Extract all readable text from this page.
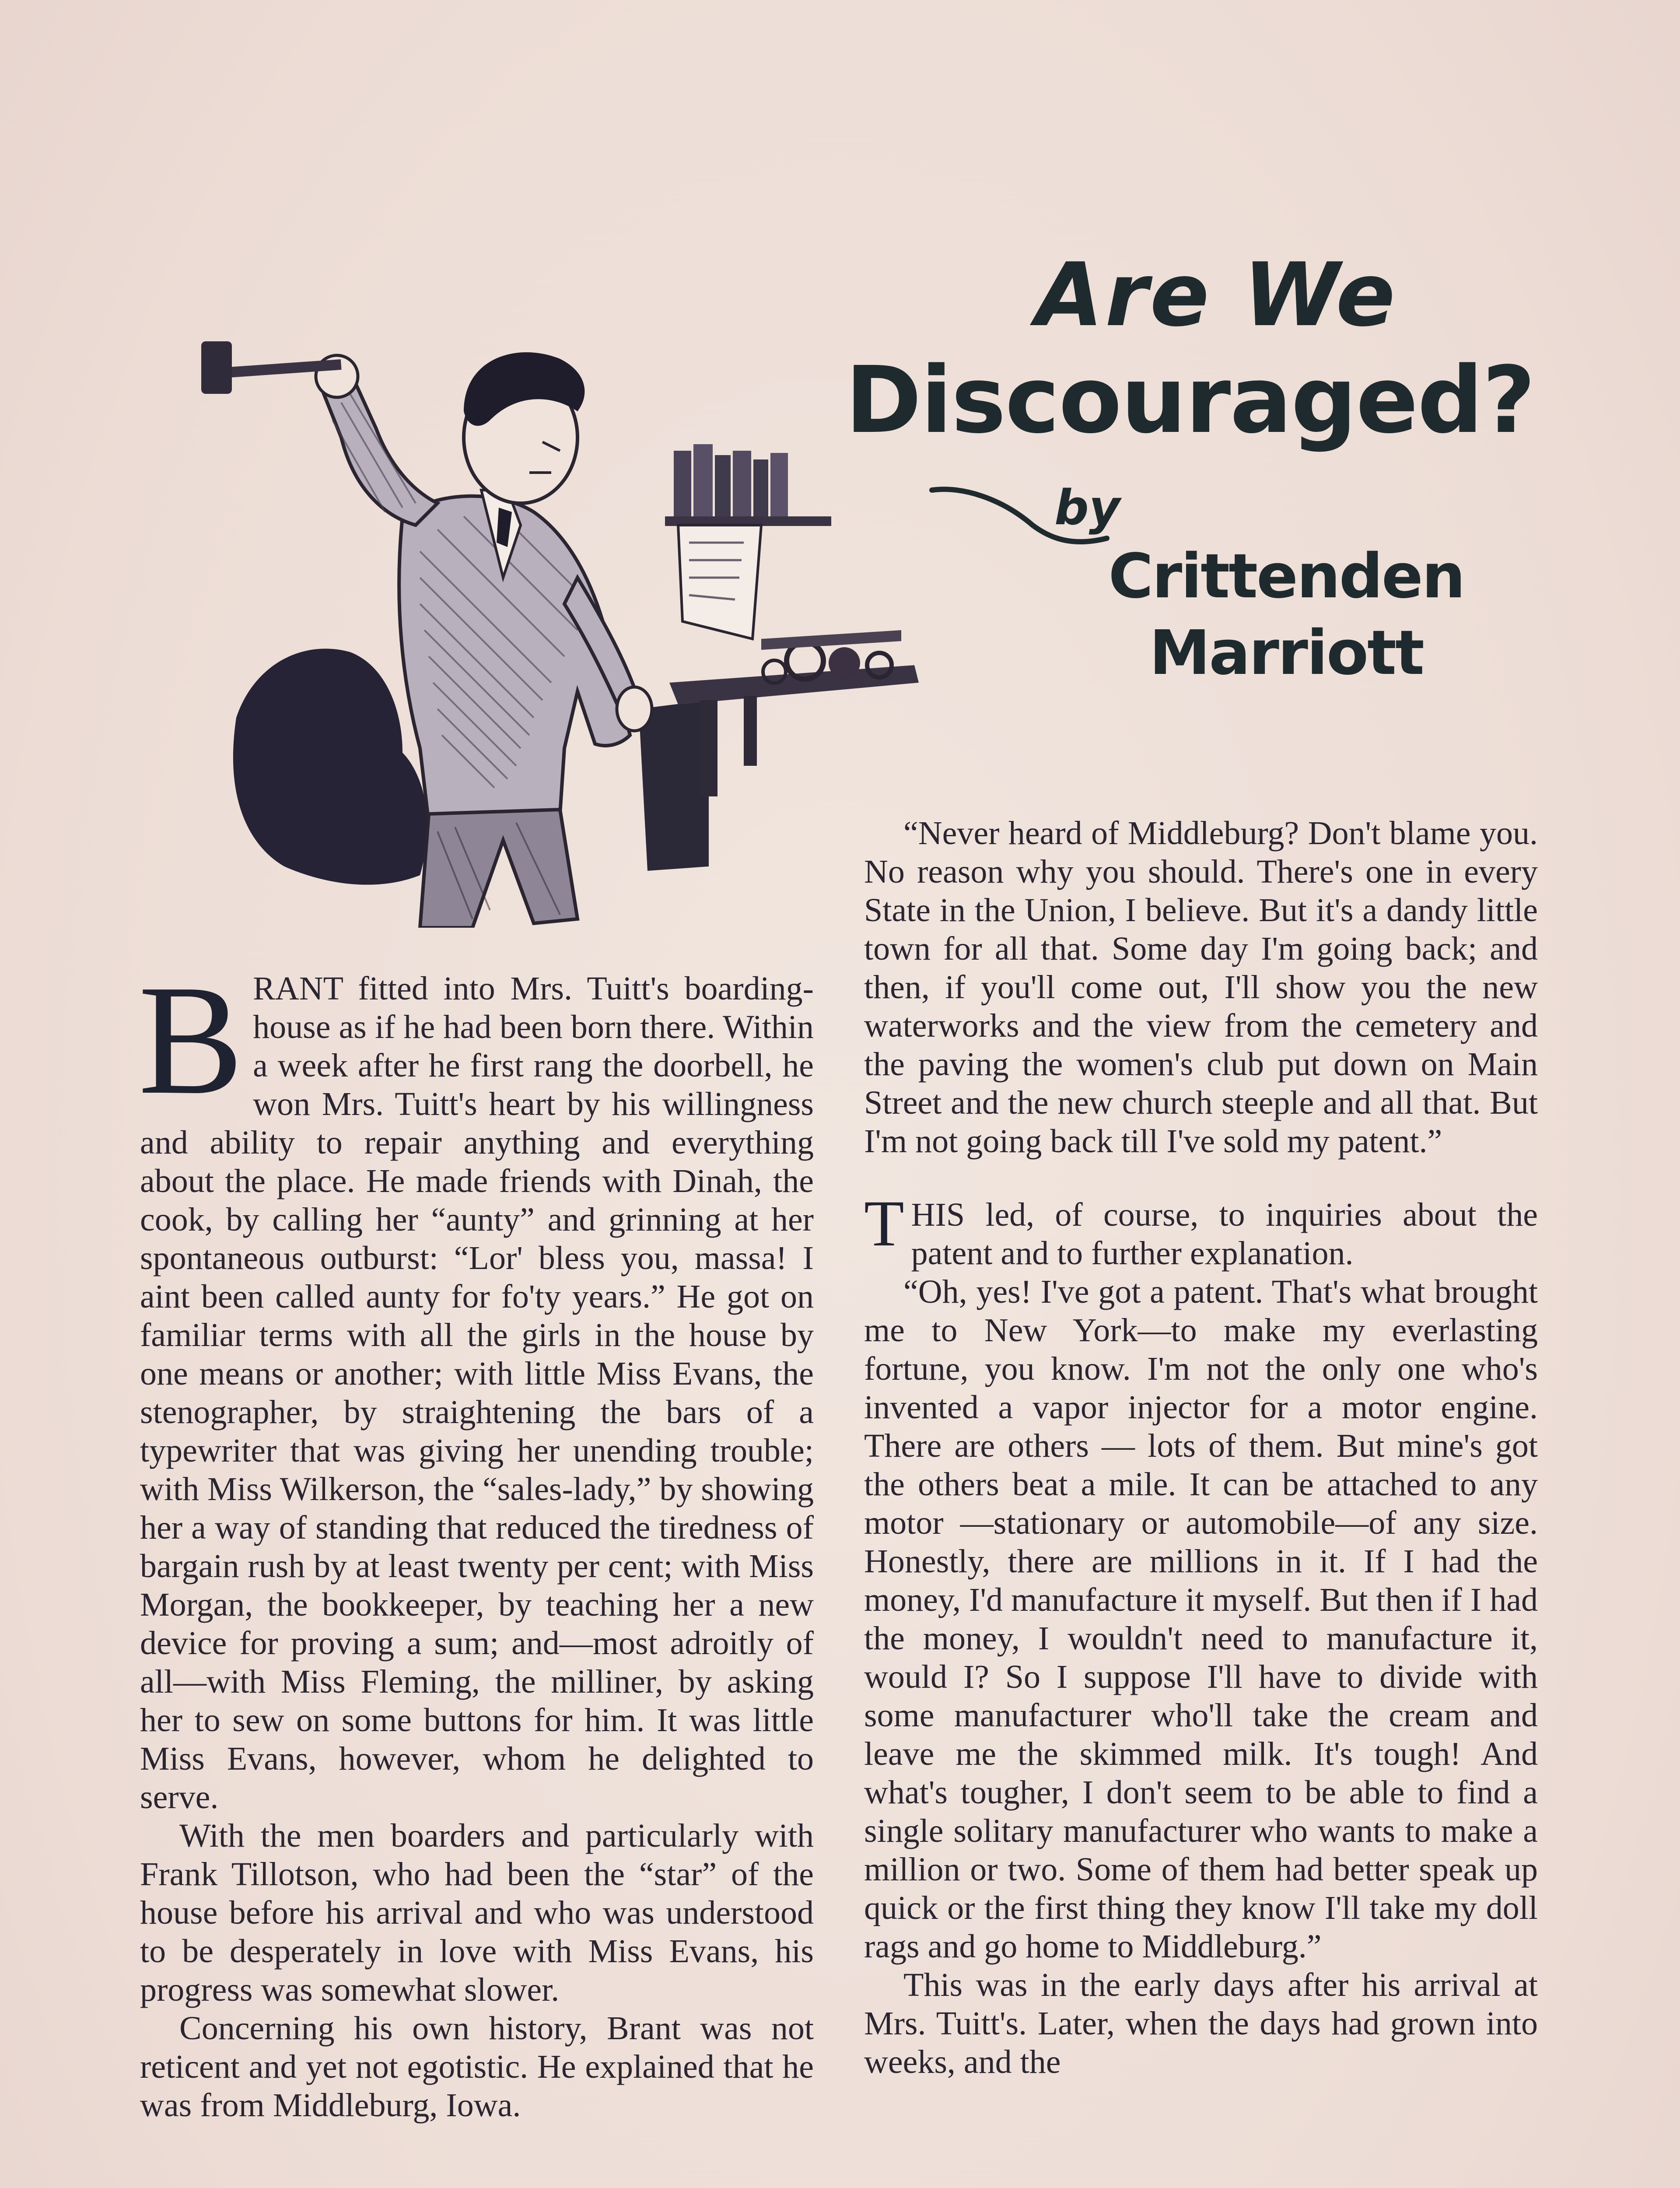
Are We
Discouraged?
by
Crittenden
Marriott

BRANT fitted into Mrs. Tuitt's boarding-house as if he had been born there. Within a week after he first rang the doorbell, he won Mrs. Tuitt's heart by his willingness and ability to repair anything and everything about the place. He made friends with Dinah, the cook, by calling her “aunty” and grinning at her spontaneous outburst: “Lor' bless you, massa! I aint been called aunty for fo'ty years.” He got on familiar terms with all the girls in the house by one means or another; with little Miss Evans, the stenographer, by straightening the bars of a typewriter that was giving her unending trouble; with Miss Wilkerson, the “sales-lady,” by showing her a way of standing that reduced the tiredness of bargain rush by at least twenty per cent; with Miss Morgan, the bookkeeper, by teaching her a new device for proving a sum; and—most adroitly of all—with Miss Fleming, the milliner, by asking her to sew on some buttons for him. It was little Miss Evans, however, whom he delighted to serve.

With the men boarders and particularly with Frank Tillotson, who had been the “star” of the house before his arrival and who was understood to be desperately in love with Miss Evans, his progress was somewhat slower.

Concerning his own history, Brant was not reticent and yet not egotistic. He explained that he was from Middleburg, Iowa.

“Never heard of Middleburg? Don't blame you. No reason why you should. There's one in every State in the Union, I believe. But it's a dandy little town for all that. Some day I'm going back; and then, if you'll come out, I'll show you the new waterworks and the view from the cemetery and the paving the women's club put down on Main Street and the new church steeple and all that. But I'm not going back till I've sold my patent.”

THIS led, of course, to inquiries about the patent and to further explanation.

“Oh, yes! I've got a patent. That's what brought me to New York—to make my everlasting fortune, you know. I'm not the only one who's invented a vapor injector for a motor engine. There are others — lots of them. But mine's got the others beat a mile. It can be attached to any motor —stationary or automobile—of any size. Honestly, there are millions in it. If I had the money, I'd manufacture it myself. But then if I had the money, I wouldn't need to manufacture it, would I? So I suppose I'll have to divide with some manufacturer who'll take the cream and leave me the skimmed milk. It's tough! And what's tougher, I don't seem to be able to find a single solitary manufacturer who wants to make a million or two. Some of them had better speak up quick or the first thing they know I'll take my doll rags and go home to Middleburg.”

This was in the early days after his arrival at Mrs. Tuitt's. Later, when the days had grown into weeks, and the
